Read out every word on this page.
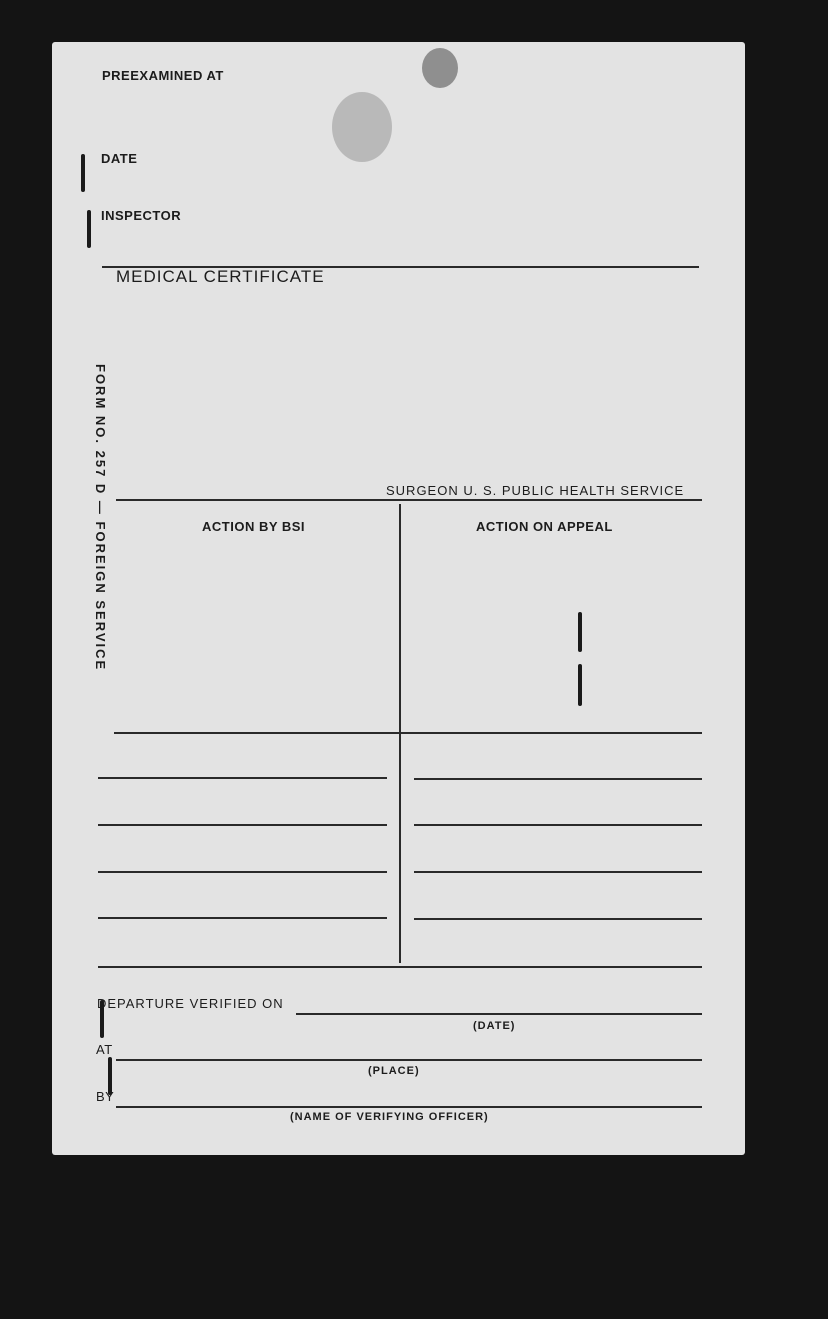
PREEXAMINED AT
DATE
INSPECTOR
MEDICAL CERTIFICATE
FORM NO. 257 D — FOREIGN SERVICE	SURGEON U. S. PUBLIC HEALTH SERVICE
ACTION BY BSI	ACTION ON APPEAL
DEPARTURE VERIFIED ON
(DATE)
AT
(PLACE)
BY
(NAME OF VERIFYING OFFICER)
